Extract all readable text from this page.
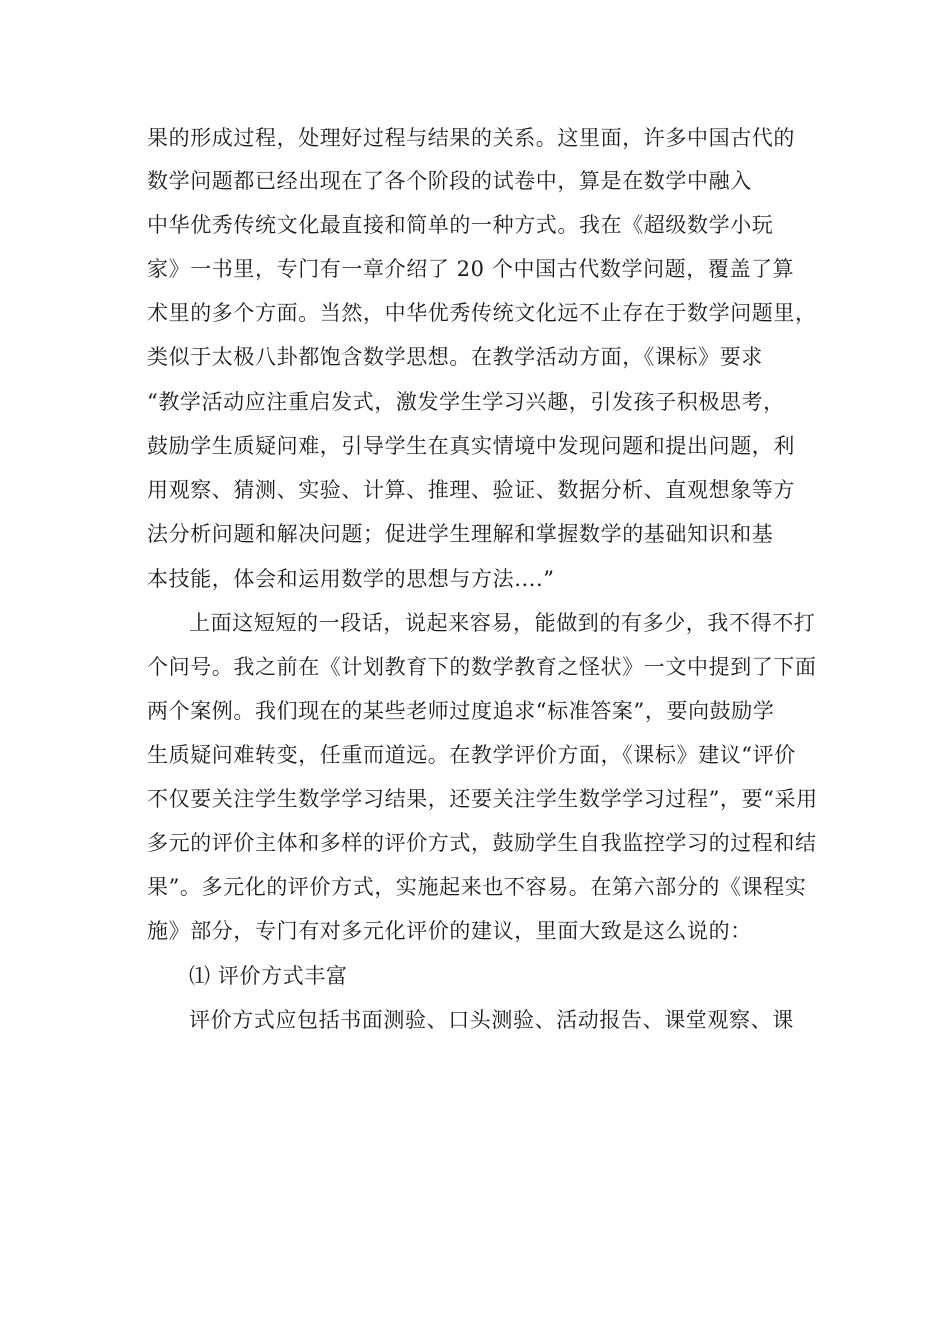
果的形成过程，处理好过程与结果的关系。这里面，许多中国古代的
数学问题都已经出现在了各个阶段的试卷中，算是在数学中融入
中华优秀传统文化最直接和简单的一种方式。我在《超级数学小玩
家》一书里，专门有一章介绍了 20 个中国古代数学问题，覆盖了算
术里的多个方面。当然，中华优秀传统文化远不止存在于数学问题里，
类似于太极八卦都饱含数学思想。在教学活动方面，《课标》要求
“教学活动应注重启发式，激发学生学习兴趣，引发孩子积极思考，
鼓励学生质疑问难，引导学生在真实情境中发现问题和提出问题，利
用观察、猜测、实验、计算、推理、验证、数据分析、直观想象等方
法分析问题和解决问题；促进学生理解和掌握数学的基础知识和基
本技能，体会和运用数学的思想与方法....”
上面这短短的一段话，说起来容易，能做到的有多少，我不得不打
个问号。我之前在《计划教育下的数学教育之怪状》一文中提到了下面
两个案例。我们现在的某些老师过度追求“标准答案”，要向鼓励学
生质疑问难转变，任重而道远。在教学评价方面，《课标》建议“评价
不仅要关注学生数学学习结果，还要关注学生数学学习过程”，要“采用
多元的评价主体和多样的评价方式，鼓励学生自我监控学习的过程和结
果”。多元化的评价方式，实施起来也不容易。在第六部分的《课程实
施》部分，专门有对多元化评价的建议，里面大致是这么说的：
⑴ 评价方式丰富
评价方式应包括书面测验、口头测验、活动报告、课堂观察、课
